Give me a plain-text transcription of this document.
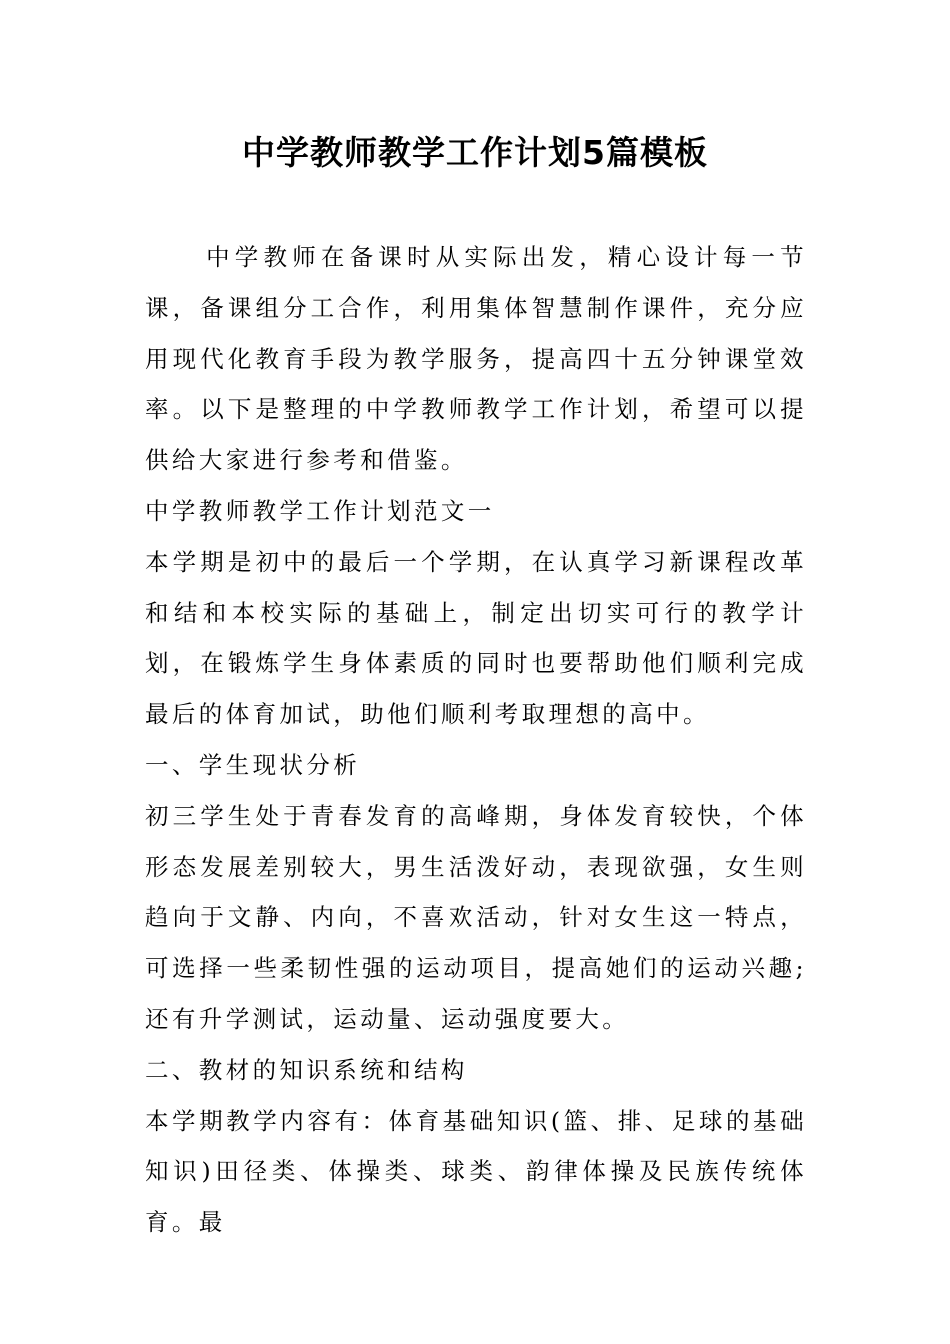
中学教师教学工作计划5篇模板

中学教师在备课时从实际出发，精心设计每一节课，备课组分工合作，利用集体智慧制作课件，充分应用现代化教育手段为教学服务，提高四十五分钟课堂效率。以下是整理的中学教师教学工作计划，希望可以提供给大家进行参考和借鉴。

中学教师教学工作计划范文一

本学期是初中的最后一个学期，在认真学习新课程改革和结和本校实际的基础上，制定出切实可行的教学计划，在锻炼学生身体素质的同时也要帮助他们顺利完成最后的体育加试，助他们顺利考取理想的高中。

一、学生现状分析

初三学生处于青春发育的高峰期，身体发育较快，个体形态发展差别较大，男生活泼好动，表现欲强，女生则趋向于文静、内向，不喜欢活动，针对女生这一特点，可选择一些柔韧性强的运动项目，提高她们的运动兴趣;还有升学测试，运动量、运动强度要大。

二、教材的知识系统和结构

本学期教学内容有：体育基础知识(篮、排、足球的基础知识)田径类、体操类、球类、韵律体操及民族传统体育。最
